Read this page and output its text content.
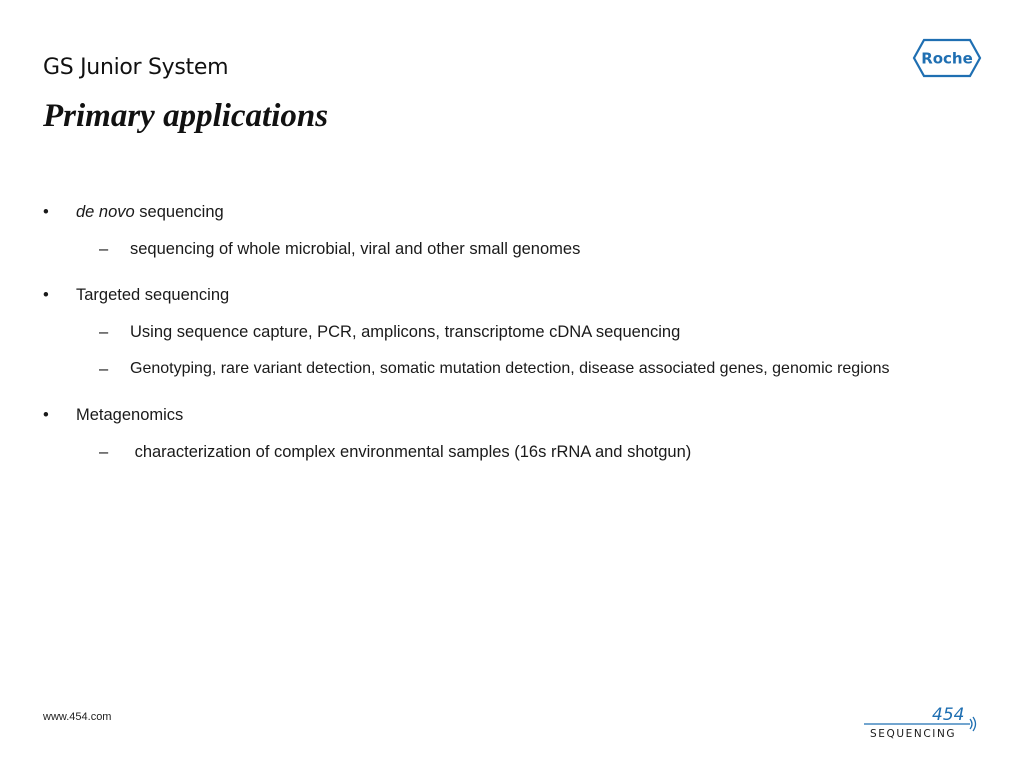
GS Junior System
Primary applications
Roche
•	de novo sequencing
–	sequencing of whole microbial, viral and other small genomes
•	Targeted sequencing
–	Using sequence capture, PCR, amplicons, transcriptome cDNA sequencing
–	Genotyping, rare variant detection, somatic mutation detection, disease associated genes, genomic regions
•	Metagenomics
–	characterization of complex environmental samples (16s rRNA and shotgun)
www.454.com	454
SEQUENCING
